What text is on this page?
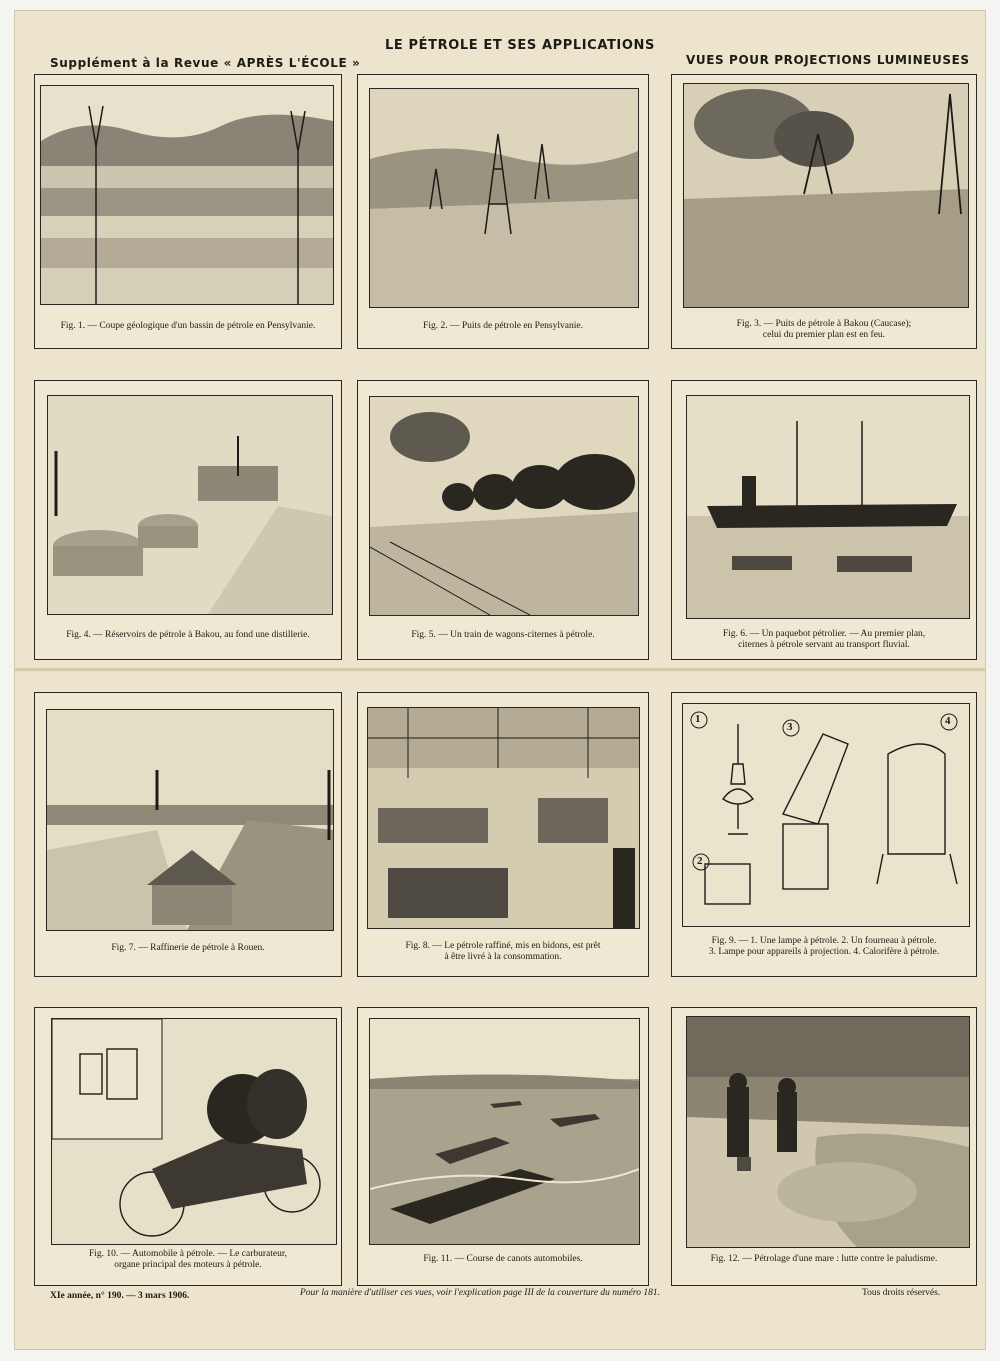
Supplément à la Revue « APRÈS L'ÉCOLE »
LE PÉTROLE ET SES APPLICATIONS
VUES POUR PROJECTIONS LUMINEUSES
Fig. 1. — Coupe géologique d'un bassin de pétrole en Pensylvanie.	Fig. 2. — Puits de pétrole en Pensylvanie.	Fig. 3. — Puits de pétrole à Bakou (Caucase);
celui du premier plan est en feu.
Fig. 4. — Réservoirs de pétrole à Bakou, au fond une distillerie.	Fig. 5. — Un train de wagons-citernes à pétrole.	Fig. 6. — Un paquebot pétrolier. — Au premier plan,
citernes à pétrole servant au transport fluvial.
Fig. 7. — Raffinerie de pétrole à Rouen.	Fig. 8. — Le pétrole raffiné, mis en bidons, est prêt
à être livré à la consommation.
1
2
3	4
Fig. 9. — 1. Une lampe à pétrole. 2. Un fourneau à pétrole.
3. Lampe pour appareils à projection. 4. Calorifère à pétrole.
Fig. 10. — Automobile à pétrole. — Le carburateur,
organe principal des moteurs à pétrole.
Fig. 11. — Course de canots automobiles.	Fig. 12. — Pétrolage d'une mare : lutte contre le paludisme.
XIe année, n° 190. — 3 mars 1906.	Pour la manière d'utiliser ces vues, voir l'explication page III de la couverture du numéro 181.	Tous droits réservés.
